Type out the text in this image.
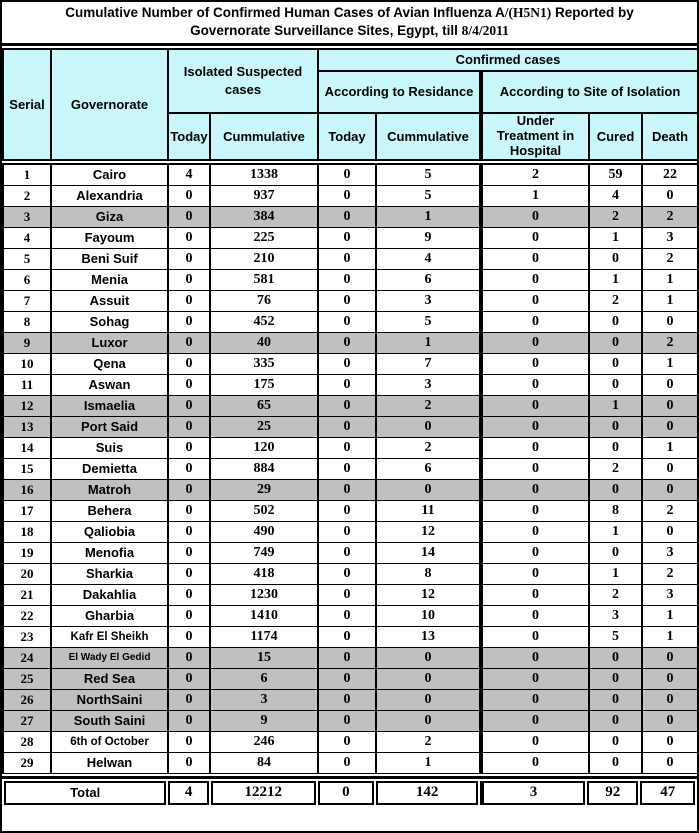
Cumulative Number of Confirmed Human Cases of Avian Influenza A/(H5N1) Reported by
Governorate Surveillance Sites, Egypt, till 8/4/2011
Serial	Governorate	Isolated Suspected cases		Confirmed cases				
				According to Residance		According to Site of Isolation		
		Today	Cummulative	Today	Cummulative	Under Treatment in Hospital	Cured	Death
1	Cairo	4	1338	0	5	2	59	22
2	Alexandria	0	937	0	5	1	4	0
3	Giza	0	384	0	1	0	2	2
4	Fayoum	0	225	0	9	0	1	3
5	Beni Suif	0	210	0	4	0	0	2
6	Menia	0	581	0	6	0	1	1
7	Assuit	0	76	0	3	0	2	1
8	Sohag	0	452	0	5	0	0	0
9	Luxor	0	40	0	1	0	0	2
10	Qena	0	335	0	7	0	0	1
11	Aswan	0	175	0	3	0	0	0
12	Ismaelia	0	65	0	2	0	1	0
13	Port Said	0	25	0	0	0	0	0
14	Suis	0	120	0	2	0	0	1
15	Demietta	0	884	0	6	0	2	0
16	Matroh	0	29	0	0	0	0	0
17	Behera	0	502	0	11	0	8	2
18	Qaliobia	0	490	0	12	0	1	0
19	Menofia	0	749	0	14	0	0	3
20	Sharkia	0	418	0	8	0	1	2
21	Dakahlia	0	1230	0	12	0	2	3
22	Gharbia	0	1410	0	10	0	3	1
23	Kafr El Sheikh	0	1174	0	13	0	5	1
24	El Wady El Gedid	0	15	0	0	0	0	0
25	Red Sea	0	6	0	0	0	0	0
26	NorthSaini	0	3	0	0	0	0	0
27	South Saini	0	9	0	0	0	0	0
28	6th of October	0	246	0	2	0	0	0
29	Helwan	0	84	0	1	0	0	0
Total	4	12212	0	142	3	92	47
